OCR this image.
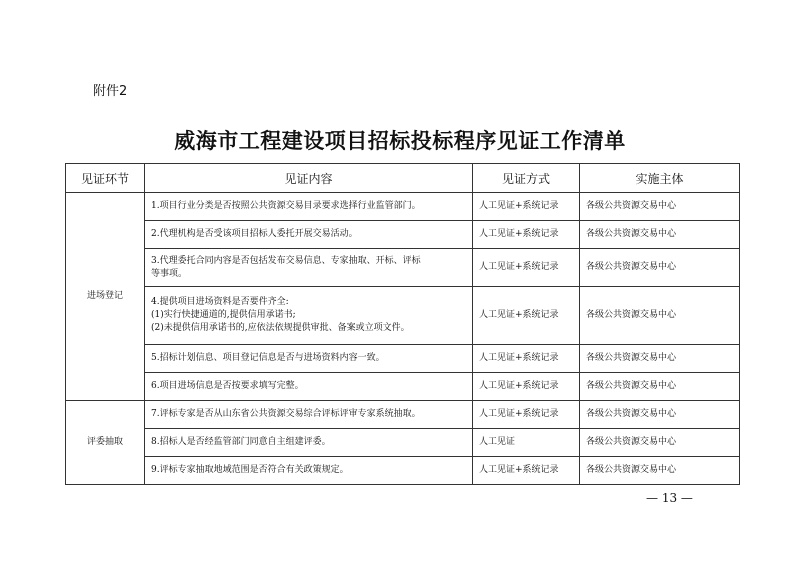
附件2
威海市工程建设项目招标投标程序见证工作清单
见证环节	见证内容	见证方式	实施主体
进场登记	1.项目行业分类是否按照公共资源交易目录要求选择行业监管部门。	人工见证+系统记录	各级公共资源交易中心

	2.代理机构是否受该项目招标人委托开展交易活动。	人工见证+系统记录	各级公共资源交易中心

	3.代理委托合同内容是否包括发布交易信息、专家抽取、开标、评标
等事项。	人工见证+系统记录	各级公共资源交易中心

	4.提供项目进场资料是否要件齐全:
(1)实行快捷通道的,提供信用承诺书;
(2)未提供信用承诺书的,应依法依规提供审批、备案或立项文件。	人工见证+系统记录	各级公共资源交易中心

	5.招标计划信息、项目登记信息是否与进场资料内容一致。	人工见证+系统记录	各级公共资源交易中心

	6.项目进场信息是否按要求填写完整。	人工见证+系统记录	各级公共资源交易中心
评委抽取	7.评标专家是否从山东省公共资源交易综合评标评审专家系统抽取。	人工见证+系统记录	各级公共资源交易中心

	8.招标人是否经监管部门同意自主组建评委。	人工见证	各级公共资源交易中心

	9.评标专家抽取地域范围是否符合有关政策规定。	人工见证+系统记录	各级公共资源交易中心
— 13 —
